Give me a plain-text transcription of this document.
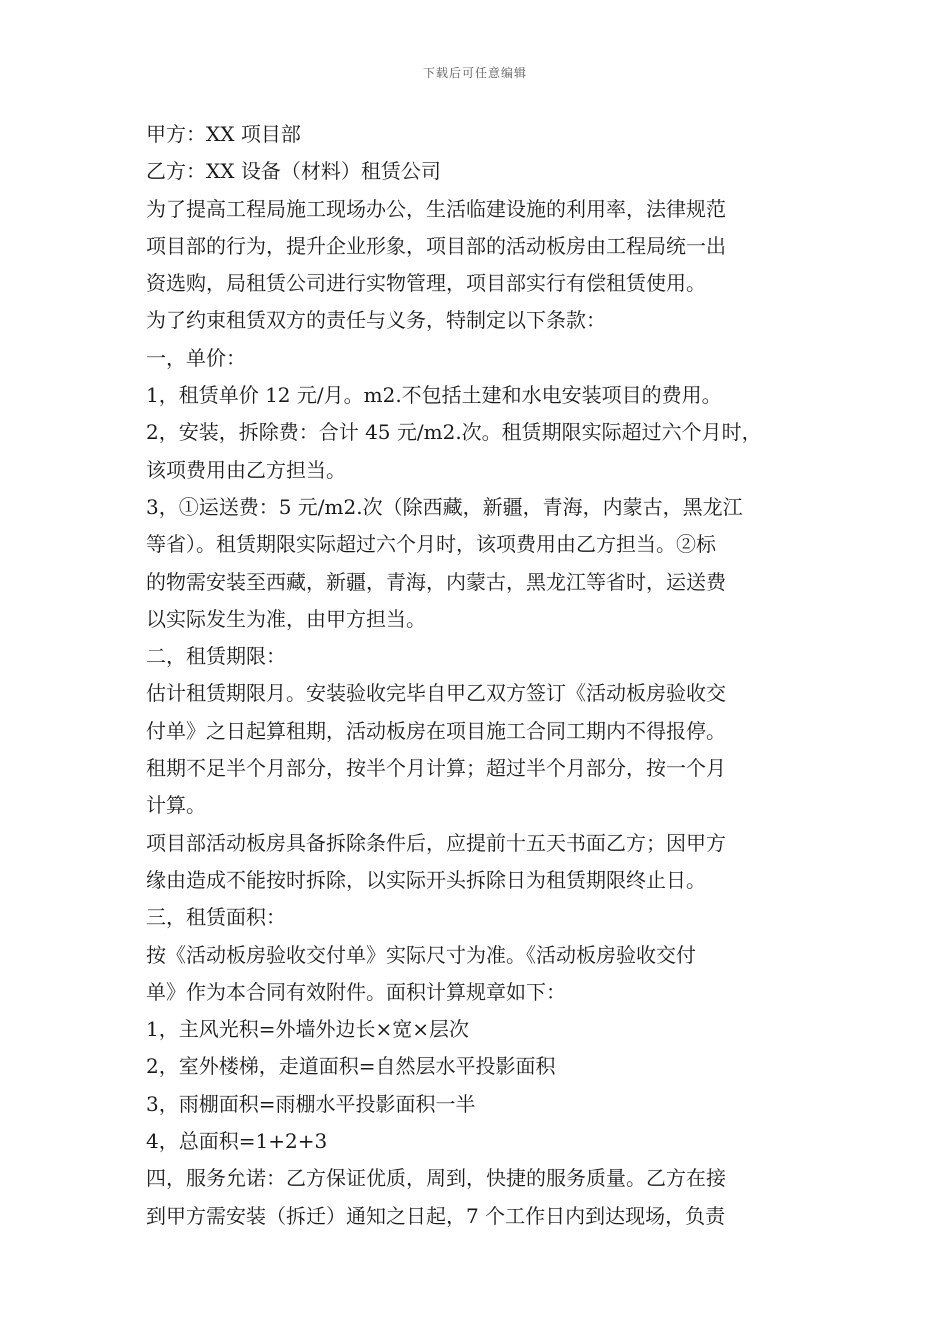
下载后可任意编辑

甲方：XX 项目部

乙方：XX 设备（材料）租赁公司

为了提高工程局施工现场办公，生活临建设施的利用率，法律规范

项目部的行为，提升企业形象，项目部的活动板房由工程局统一出

资选购，局租赁公司进行实物管理，项目部实行有偿租赁使用。

为了约束租赁双方的责任与义务，特制定以下条款：

一，单价：

1，租赁单价 12 元/月。m2.不包括土建和水电安装项目的费用。

2，安装，拆除费：合计 45 元/m2.次。租赁期限实际超过六个月时，

该项费用由乙方担当。

3，①运送费：5 元/m2.次（除西藏，新疆，青海，内蒙古，黑龙江

等省）。租赁期限实际超过六个月时，该项费用由乙方担当。②标

的物需安装至西藏，新疆，青海，内蒙古，黑龙江等省时，运送费

以实际发生为准，由甲方担当。

二，租赁期限：

估计租赁期限月。安装验收完毕自甲乙双方签订《活动板房验收交

付单》之日起算租期，活动板房在项目施工合同工期内不得报停。

租期不足半个月部分，按半个月计算；超过半个月部分，按一个月

计算。

项目部活动板房具备拆除条件后，应提前十五天书面乙方；因甲方

缘由造成不能按时拆除，以实际开头拆除日为租赁期限终止日。

三，租赁面积：

按《活动板房验收交付单》实际尺寸为准。《活动板房验收交付

单》作为本合同有效附件。面积计算规章如下：

1，主风光积=外墙外边长×宽×层次

2，室外楼梯，走道面积=自然层水平投影面积

3，雨棚面积=雨棚水平投影面积一半

4，总面积=1+2+3

四，服务允诺：乙方保证优质，周到，快捷的服务质量。乙方在接

到甲方需安装（拆迁）通知之日起，7 个工作日内到达现场，负责
